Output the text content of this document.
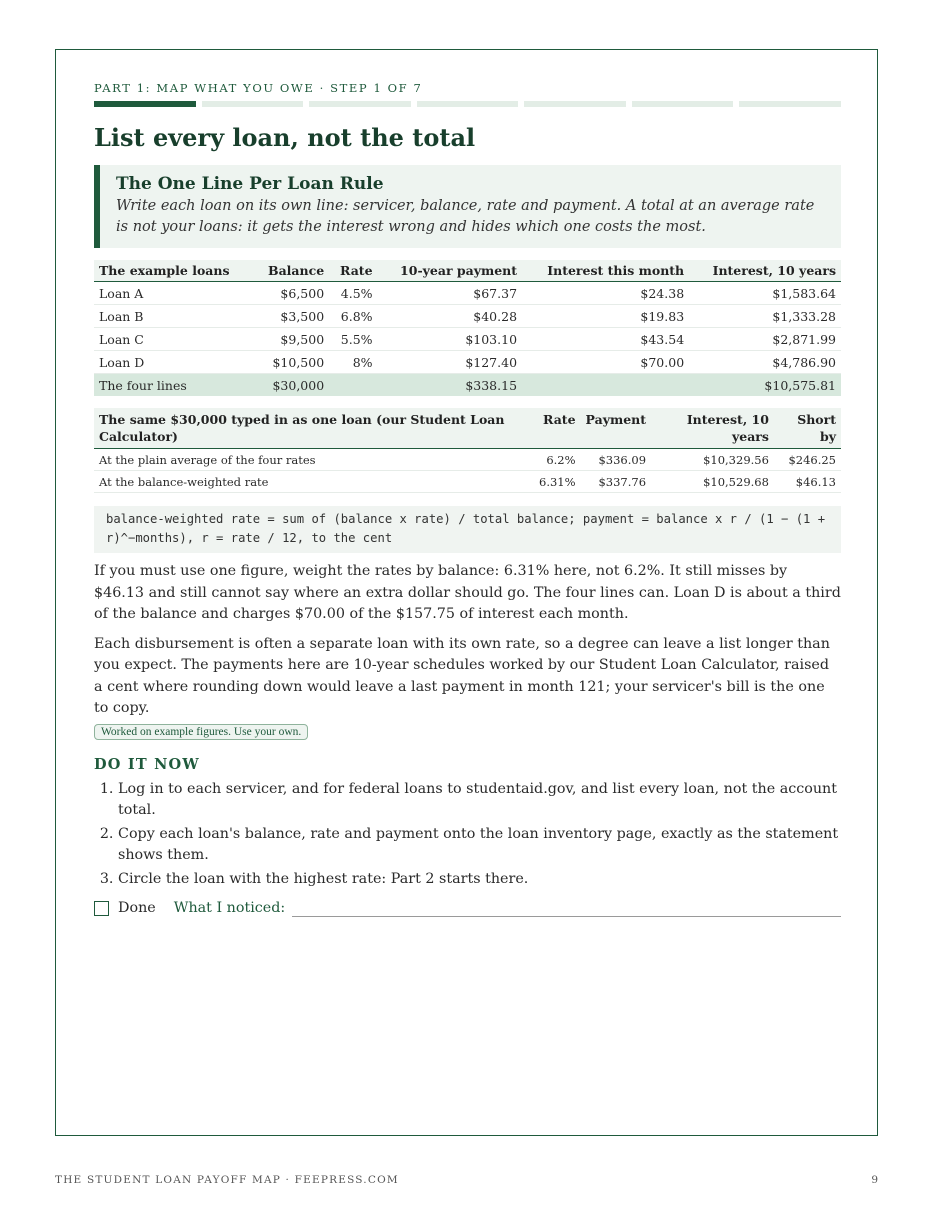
PART 1: MAP WHAT YOU OWE · STEP 1 OF 7
List every loan, not the total
The One Line Per Loan Rule
Write each loan on its own line: servicer, balance, rate and payment. A total at an average rate is not your loans: it gets the interest wrong and hides which one costs the most.
The example loans	Balance	Rate	10-year payment	Interest this month	Interest, 10 years
Loan A	$6,500	4.5%	$67.37	$24.38	$1,583.64
Loan B	$3,500	6.8%	$40.28	$19.83	$1,333.28
Loan C	$9,500	5.5%	$103.10	$43.54	$2,871.99
Loan D	$10,500	8%	$127.40	$70.00	$4,786.90
The four lines	$30,000		$338.15		$10,575.81
The same $30,000 typed in as one loan (our Student Loan Calculator)	Rate	Payment	Interest, 10 years	Short by
At the plain average of the four rates	6.2%	$336.09	$10,329.56	$246.25
At the balance-weighted rate	6.31%	$337.76	$10,529.68	$46.13
balance-weighted rate = sum of (balance x rate) / total balance; payment = balance x r / (1 − (1 + r)^−months), r = rate / 12, to the cent

If you must use one figure, weight the rates by balance: 6.31% here, not 6.2%. It still misses by $46.13 and still cannot say where an extra dollar should go. The four lines can. Loan D is about a third of the balance and charges $70.00 of the $157.75 of interest each month.

Each disbursement is often a separate loan with its own rate, so a degree can leave a list longer than you expect. The payments here are 10-year schedules worked by our Student Loan Calculator, raised a cent where rounding down would leave a last payment in month 121; your servicer's bill is the one to copy.

Worked on example figures. Use your own.
DO IT NOW
1. Log in to each servicer, and for federal loans to studentaid.gov, and list every loan, not the account total.
2. Copy each loan's balance, rate and payment onto the loan inventory page, exactly as the statement shows them.
3. Circle the loan with the highest rate: Part 2 starts there.
Done What I noticed:
THE STUDENT LOAN PAYOFF MAP · FEEPRESS.COM	9
